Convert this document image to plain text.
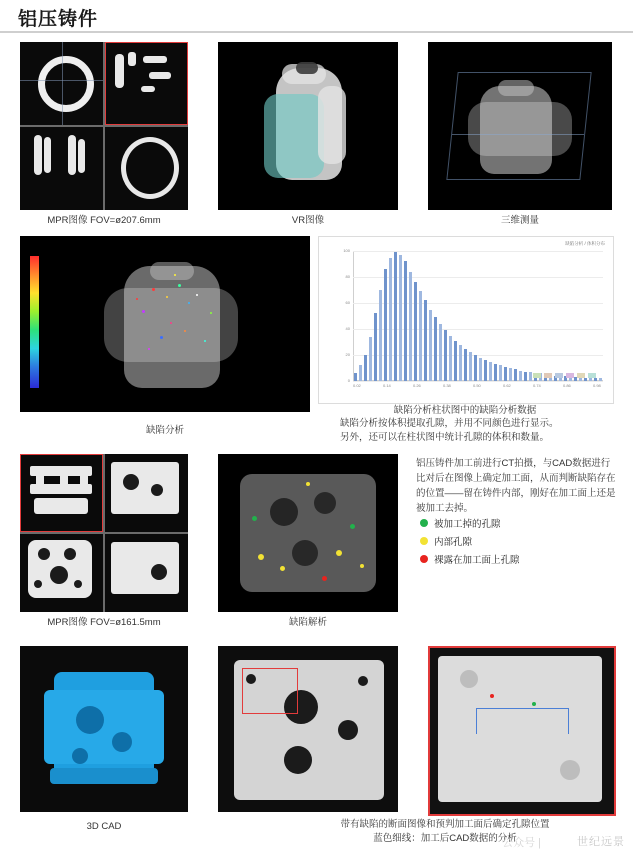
铝压铸件
MPR图像 FOV=ø207.6mm	VR图像	三维测量
缺陷分析
缺陷分析 / 体积分布
100
80
60
40
20
0
0.02	0.14	0.26	0.38	0.50	0.62	0.74	0.86	0.98
缺陷分析柱状图中的缺陷分析数据
缺陷分析按体积提取孔隙，并用不同颜色进行显示。
另外，还可以在柱状图中统计孔隙的体积和数量。
MPR图像 FOV=ø161.5mm	缺陷解析
铝压铸件加工前进行CT拍摄，与CAD数据进行比对后在图像上确定加工面，从而判断缺陷存在的位置——留在铸件内部，刚好在加工面上还是被加工去掉。
被加工掉的孔隙
内部孔隙
裸露在加工面上孔隙
3D CAD	带有缺陷的断面图像和预判加工面后确定孔隙位置
蓝色细线：加工后CAD数据的分析
公众号 |	世纪远景
